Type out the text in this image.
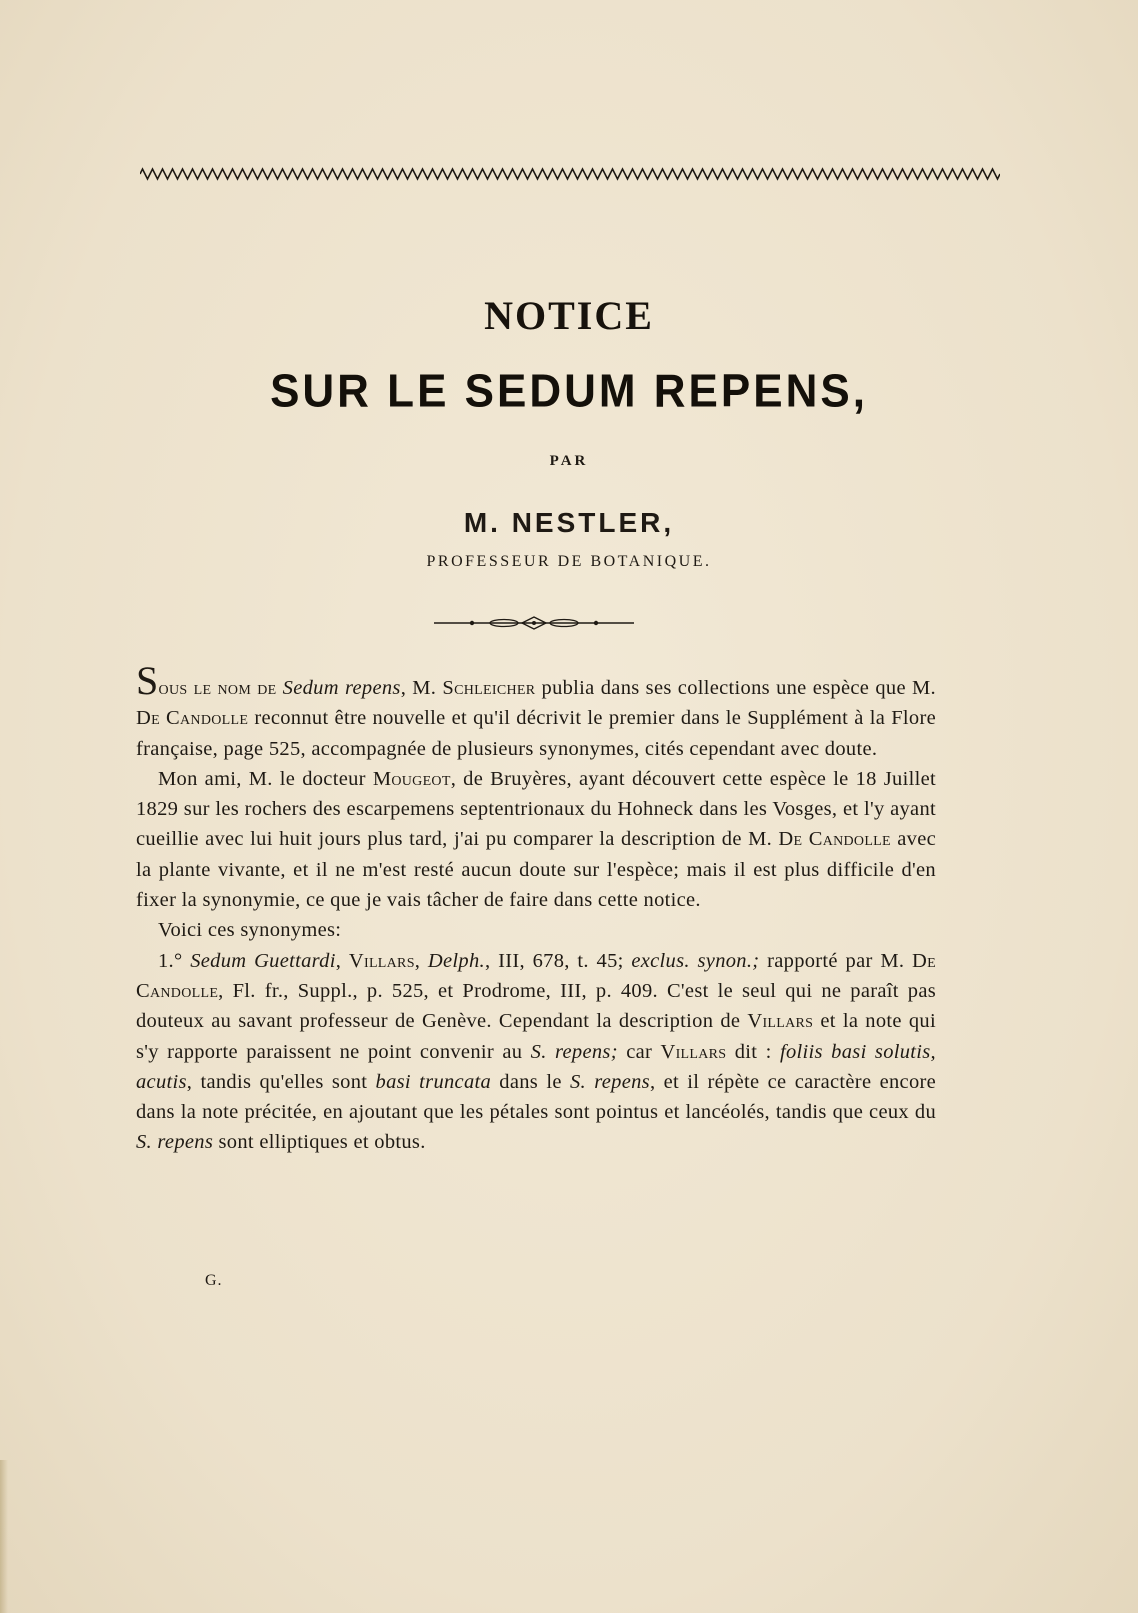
NOTICE
SUR LE SEDUM REPENS,
PAR
M. NESTLER,
PROFESSEUR DE BOTANIQUE.

Sous le nom de Sedum repens, M. Schleicher publia dans ses collections une espèce que M. De Candolle reconnut être nouvelle et qu'il décrivit le premier dans le Supplément à la Flore française, page 525, accompagnée de plusieurs synonymes, cités cependant avec doute.

Mon ami, M. le docteur Mougeot, de Bruyères, ayant découvert cette espèce le 18 Juillet 1829 sur les rochers des escarpemens septentrionaux du Hohneck dans les Vosges, et l'y ayant cueillie avec lui huit jours plus tard, j'ai pu comparer la description de M. De Candolle avec la plante vivante, et il ne m'est resté aucun doute sur l'espèce; mais il est plus difficile d'en fixer la synonymie, ce que je vais tâcher de faire dans cette notice.

Voici ces synonymes:

1.° Sedum Guettardi, Villars, Delph., III, 678, t. 45; exclus. synon.; rapporté par M. De Candolle, Fl. fr., Suppl., p. 525, et Prodrome, III, p. 409. C'est le seul qui ne paraît pas douteux au savant professeur de Genève. Cependant la description de Villars et la note qui s'y rapporte paraissent ne point convenir au S. repens; car Villars dit : foliis basi solutis, acutis, tandis qu'elles sont basi truncata dans le S. repens, et il répète ce caractère encore dans la note précitée, en ajoutant que les pétales sont pointus et lancéolés, tandis que ceux du S. repens sont elliptiques et obtus.

G.
